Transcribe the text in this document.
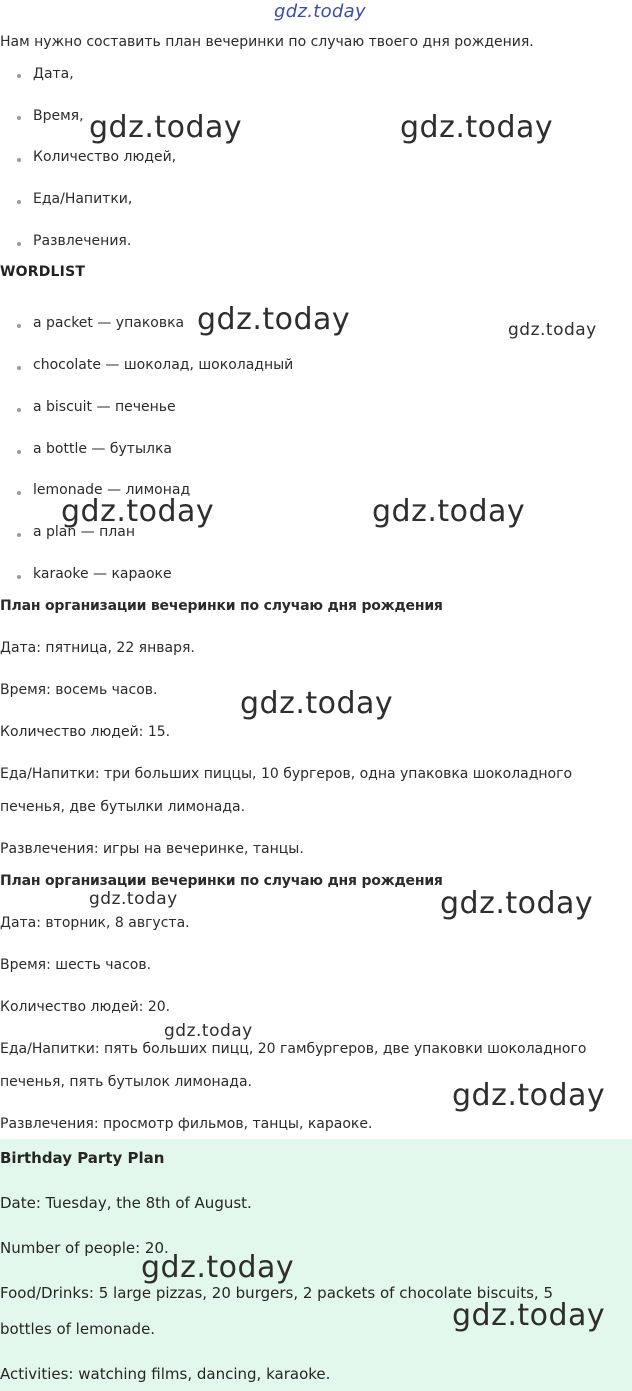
gdz.today
Нам нужно составить план вечеринки по случаю твоего дня рождения.
Дата,
Время,
Количество людей,
Еда/Напитки,
Развлечения.
WORDLIST
a packet — упаковка
chocolate — шоколад, шоколадный
a biscuit — печенье
a bottle — бутылка
lemonade — лимонад
a plan — план
karaoke — караоке
План организации вечеринки по случаю дня рождения
Дата: пятница, 22 января.
Время: восемь часов.
Количество людей: 15.
Еда/Напитки: три больших пиццы, 10 бургеров, одна упаковка шоколадного
печенья, две бутылки лимонада.
Развлечения: игры на вечеринке, танцы.
План организации вечеринки по случаю дня рождения
Дата: вторник, 8 августа.
Время: шесть часов.
Количество людей: 20.
Еда/Напитки: пять больших пицц, 20 гамбургеров, две упаковки шоколадного
печенья, пять бутылок лимонада.
Развлечения: просмотр фильмов, танцы, караоке.
Birthday Party Plan
Date: Tuesday, the 8th of August.
Number of people: 20.
Food/Drinks: 5 large pizzas, 20 burgers, 2 packets of chocolate biscuits, 5
bottles of lemonade.
Activities: watching films, dancing, karaoke.
gdz.today	gdz.today
gdz.today	gdz.today
gdz.today	gdz.today
gdz.today
gdz.today	gdz.today
gdz.today
gdz.today
gdz.today
gdz.today
